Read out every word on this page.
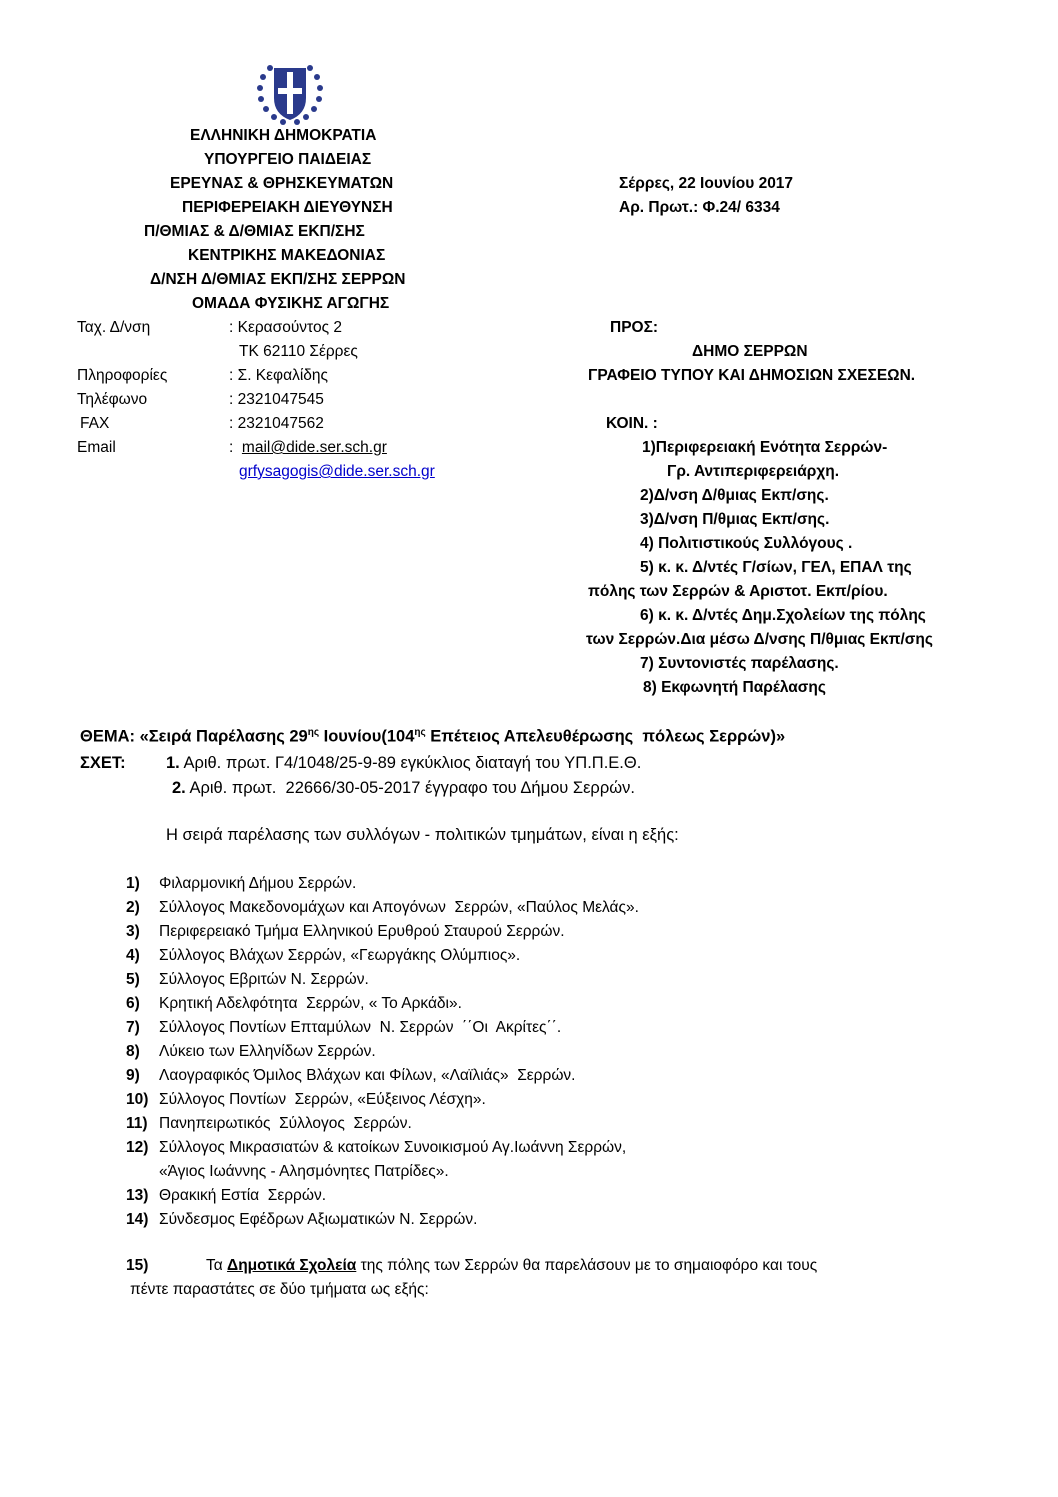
ΕΛΛΗΝΙΚΗ ΔΗΜΟΚΡΑΤΙΑ
ΥΠΟΥΡΓΕΙΟ ΠΑΙΔΕΙΑΣ
ΕΡΕΥΝΑΣ & ΘΡΗΣΚΕΥΜΑΤΩΝ
ΠΕΡΙΦΕΡΕΙΑΚΗ ΔΙΕΥΘΥΝΣΗ
Π/ΘΜΙΑΣ & Δ/ΘΜΙΑΣ ΕΚΠ/ΣΗΣ
ΚΕΝΤΡΙΚΗΣ ΜΑΚΕΔΟΝΙΑΣ
Δ/ΝΣΗ Δ/ΘΜΙΑΣ ΕΚΠ/ΣΗΣ ΣΕΡΡΩΝ
ΟΜΑΔΑ ΦΥΣΙΚΗΣ ΑΓΩΓΗΣ
Σέρρες, 22 Ιουνίου 2017
Αρ. Πρωτ.: Φ.24/ 6334
Ταχ. Δ/νση	: Κερασούντος 2
ΤΚ 62110 Σέρρες
Πληροφορίες	: Σ. Κεφαλίδης
Τηλέφωνο	: 2321047545
FAX	: 2321047562
Email	:  mail@dide.ser.sch.gr
grfysagogis@dide.ser.sch.gr
ΠΡΟΣ:
ΔΗΜΟ ΣΕΡΡΩΝ
ΓΡΑΦΕΙΟ ΤΥΠΟΥ ΚΑΙ ΔΗΜΟΣΙΩΝ ΣΧΕΣΕΩΝ.
ΚΟΙΝ. :
1)Περιφερειακή Ενότητα Σερρών-
Γρ. Αντιπεριφερειάρχη.
2)Δ/νση Δ/θμιας Εκπ/σης.
3)Δ/νση Π/θμιας Εκπ/σης.
4) Πολιτιστικούς Συλλόγους .
5) κ. κ. Δ/ντές Γ/σίων, ΓΕΛ, ΕΠΑΛ της
πόλης των Σερρών & Αριστοτ. Εκπ/ρίου.
6) κ. κ. Δ/ντές Δημ.Σχολείων της πόλης
των Σερρών.Δια μέσω Δ/νσης Π/θμιας Εκπ/σης
7) Συντονιστές παρέλασης.
8) Εκφωνητή Παρέλασης
ΘΕΜΑ: «Σειρά Παρέλασης $29^{\eta\varsigma}$ $Io\upsilon\nu ίo\upsilon(104^{\eta\varsigma}$ Επέτειος Απελευθέρωσης  πόλεως Σερρών)»
ΣΧΕΤ: 1. Αριθ. πρωτ. Γ4/1048/25-9-89 εγκύκλιος διαταγή του ΥΠ.Π.Ε.Θ.
2. Αριθ. πρωτ.  22666/30-05-2017 έγγραφο του Δήμου Σερρών.
Η σειρά παρέλασης των συλλόγων - πολιτικών τμημάτων, είναι η εξής:
1) Φιλαρμονική Δήμου Σερρών.
2) Σύλλογος Μακεδονομάχων και Απογόνων  Σερρών, «Παύλος Μελάς».
3) Περιφερειακό Τμήμα Ελληνικού Ερυθρού Σταυρού Σερρών.
4) Σύλλογος Βλάχων Σερρών, «Γεωργάκης Ολύμπιος».
5) Σύλλογος Εβριτών Ν. Σερρών.
6) Κρητική Αδελφότητα  Σερρών, « Το Αρκάδι».
7) Σύλλογος Ποντίων Επταμύλων  Ν. Σερρών  ΄΄Οι  Ακρίτες΄΄.
8) Λύκειο των Ελληνίδων Σερρών.
9) Λαογραφικός Όμιλος Βλάχων και Φίλων, «Λαϊλιάς»  Σερρών.
10) Σύλλογος Ποντίων  Σερρών, «Εύξεινος Λέσχη».
11) Πανηπειρωτικός  Σύλλογος  Σερρών.
12) Σύλλογος Μικρασιατών & κατοίκων Συνοικισμού Αγ.Ιωάννη Σερρών,
«Άγιος Ιωάννης - Αλησμόνητες Πατρίδες».
13) Θρακική Εστία  Σερρών.
14) Σύνδεσμος Εφέδρων Αξιωματικών Ν. Σερρών.
15)	Τα Δημοτικά Σχολεία της πόλης των Σερρών θα παρελάσουν με το σημαιοφόρο και τους
πέντε παραστάτες σε δύο τμήματα ως εξής:
